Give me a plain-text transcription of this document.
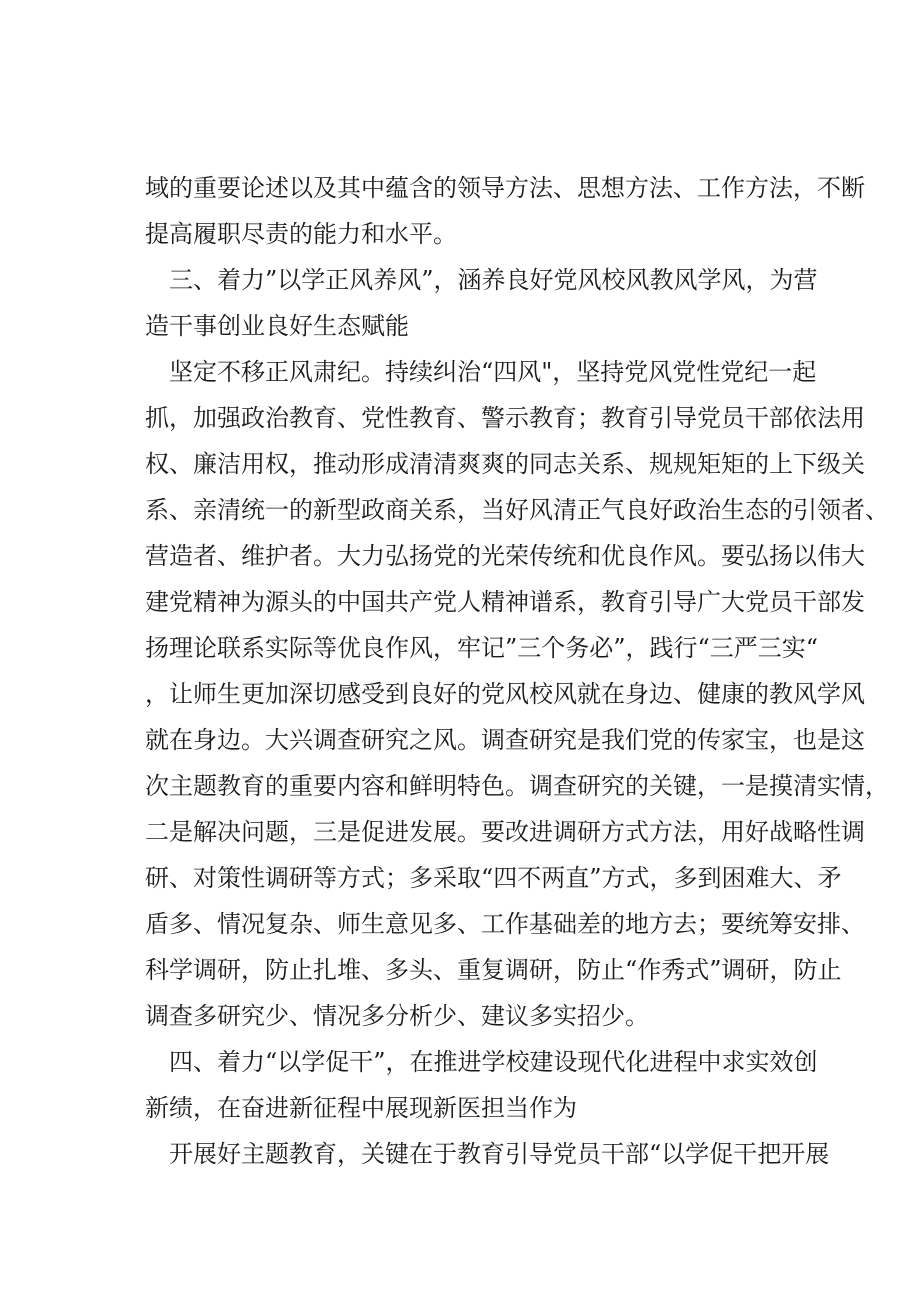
域的重要论述以及其中蕴含的领导方法、思想方法、工作方法，不断
提高履职尽责的能力和水平。
三、着力”以学正风养风”，涵养良好党风校风教风学风，为营
造干事创业良好生态赋能
坚定不移正风肃纪。持续纠治“四风"，坚持党风党性党纪一起
抓，加强政治教育、党性教育、警示教育；教育引导党员干部依法用
权、廉洁用权，推动形成清清爽爽的同志关系、规规矩矩的上下级关
系、亲清统一的新型政商关系，当好风清正气良好政治生态的引领者、
营造者、维护者。大力弘扬党的光荣传统和优良作风。要弘扬以伟大
建党精神为源头的中国共产党人精神谱系，教育引导广大党员干部发
扬理论联系实际等优良作风，牢记”三个务必”，践行“三严三实“
，让师生更加深切感受到良好的党风校风就在身边、健康的教风学风
就在身边。大兴调查研究之风。调查研究是我们党的传家宝，也是这
次主题教育的重要内容和鲜明特色。调查研究的关键，一是摸清实情，
二是解决问题，三是促进发展。要改进调研方式方法，用好战略性调
研、对策性调研等方式；多采取“四不两直”方式，多到困难大、矛
盾多、情况复杂、师生意见多、工作基础差的地方去；要统筹安排、
科学调研，防止扎堆、多头、重复调研，防止“作秀式”调研，防止
调查多研究少、情况多分析少、建议多实招少。
四、着力“以学促干”，在推进学校建设现代化进程中求实效创
新绩，在奋进新征程中展现新医担当作为
开展好主题教育，关键在于教育引导党员干部“以学促干把开展
